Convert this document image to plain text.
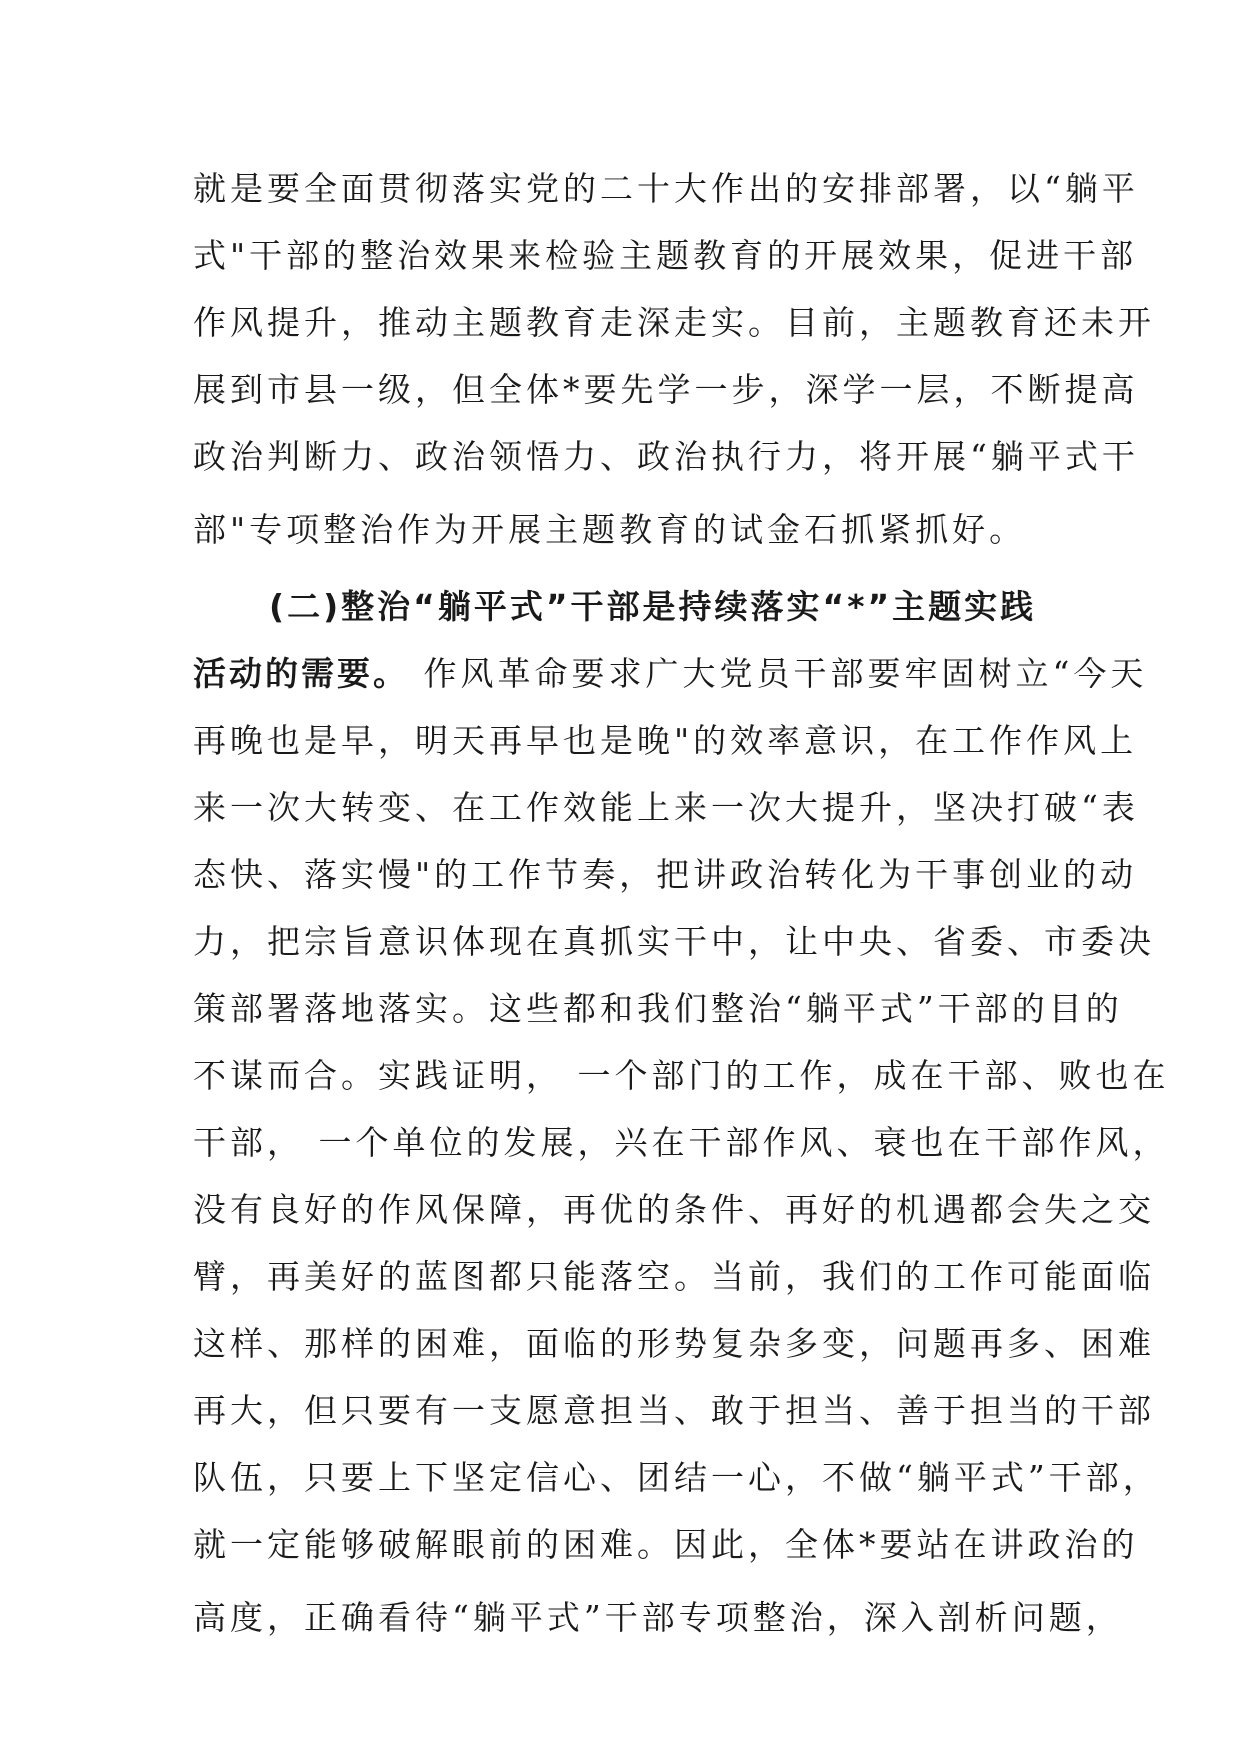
就是要全面贯彻落实党的二十大作出的安排部署，以“躺平
式"干部的整治效果来检验主题教育的开展效果，促进干部
作风提升，推动主题教育走深走实。目前，主题教育还未开
展到市县一级，但全体*要先学一步，深学一层，不断提高
政治判断力、政治领悟力、政治执行力，将开展“躺平式干
部"专项整治作为开展主题教育的试金石抓紧抓好。
(二)整治“躺平式”干部是持续落实“*”主题实践
活动的需要。 作风革命要求广大党员干部要牢固树立“今天
再晚也是早，明天再早也是晚"的效率意识，在工作作风上
来一次大转变、在工作效能上来一次大提升，坚决打破“表
态快、落实慢"的工作节奏，把讲政治转化为干事创业的动
力，把宗旨意识体现在真抓实干中，让中央、省委、市委决
策部署落地落实。这些都和我们整治“躺平式”干部的目的
不谋而合。实践证明， 一个部门的工作，成在干部、败也在
干部， 一个单位的发展，兴在干部作风、衰也在干部作风，
没有良好的作风保障，再优的条件、再好的机遇都会失之交
臂，再美好的蓝图都只能落空。当前，我们的工作可能面临
这样、那样的困难，面临的形势复杂多变，问题再多、困难
再大，但只要有一支愿意担当、敢于担当、善于担当的干部
队伍，只要上下坚定信心、团结一心，不做“躺平式”干部，
就一定能够破解眼前的困难。因此，全体*要站在讲政治的
高度，正确看待“躺平式”干部专项整治，深入剖析问题，
